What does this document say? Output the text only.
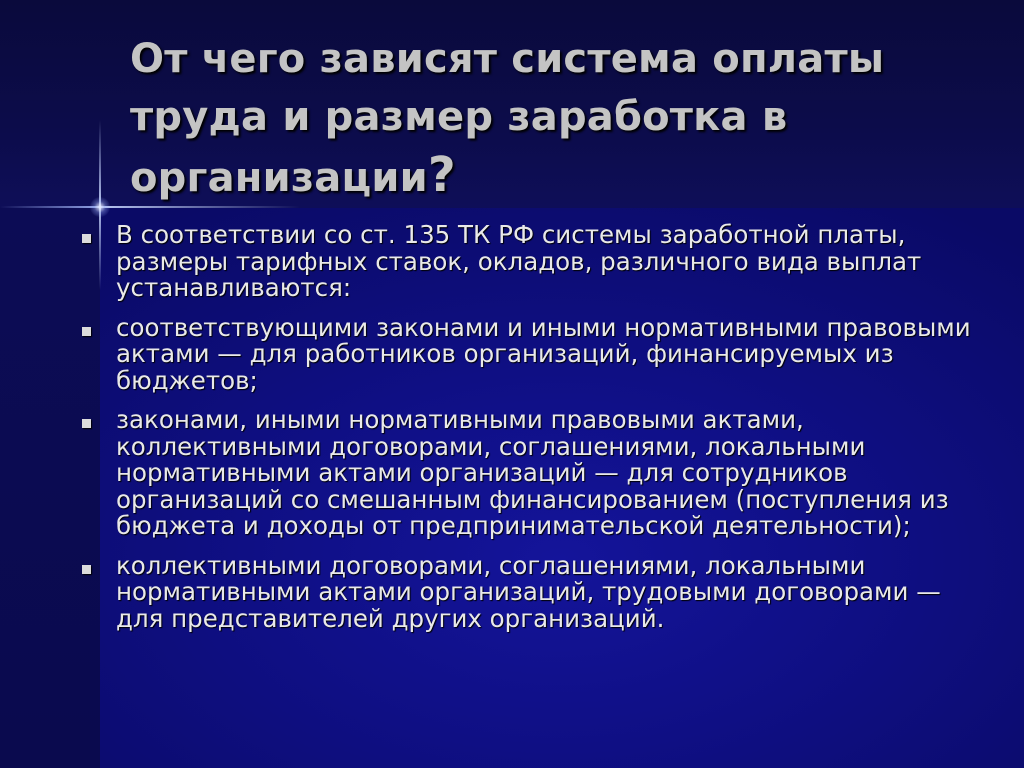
От чего зависят система оплаты труда и размер заработка в организации?
В соответствии со ст. 135 ТК РФ системы заработной платы, размеры тарифных ставок, окладов, различного вида выплат устанавливаются:
соответствующими законами и иными нормативными правовыми актами — для работников организаций, финансируемых из бюджетов;
законами, иными нормативными правовыми актами, коллективными договорами, соглашениями, локальными нормативными актами организаций — для сотрудников организаций со смешанным финансированием (поступления из бюджета и доходы от предпринимательской деятельности);
коллективными договорами, соглашениями, локальными нормативными актами организаций, трудовыми договорами — для представителей других организаций.
